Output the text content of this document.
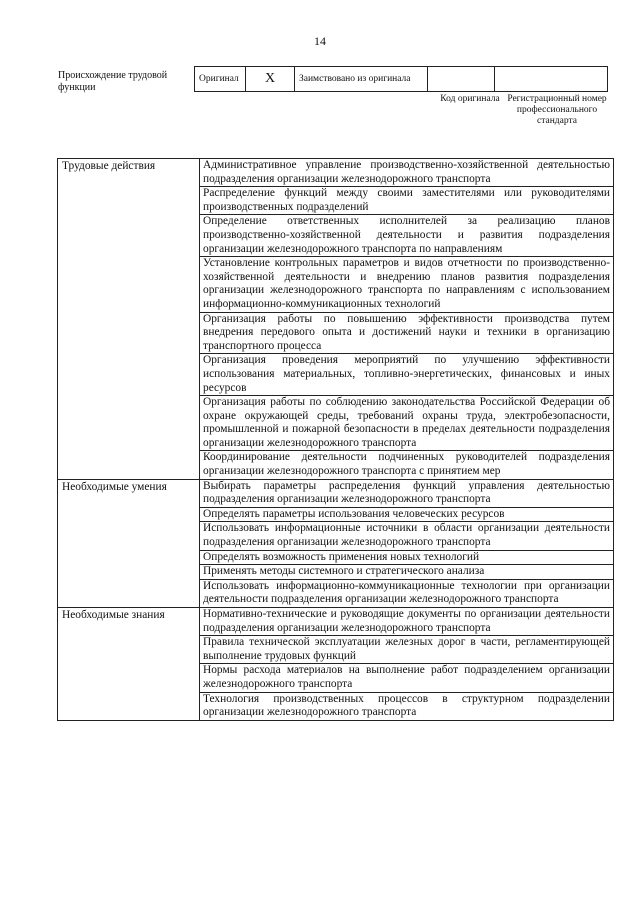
14
Происхождение трудовой функции
Оригинал	X	Заимствовано из оригинала		
Код оригинала Регистрационный номер профессионального стандарта
Трудовые действия	Административное управление производственно-хозяйственной деятельностью подразделения организации железнодорожного транспорта
	Распределение функций между своими заместителями или руководителями производственных подразделений
	Определение ответственных исполнителей за реализацию планов производственно-хозяйственной деятельности и развития подразделения организации железнодорожного транспорта по направлениям
	Установление контрольных параметров и видов отчетности по производственно-хозяйственной деятельности и внедрению планов развития подразделения организации железнодорожного транспорта по направлениям с использованием информационно-коммуникационных технологий
	Организация работы по повышению эффективности производства путем внедрения передового опыта и достижений науки и техники в организацию транспортного процесса
	Организация проведения мероприятий по улучшению эффективности использования материальных, топливно-энергетических, финансовых и иных ресурсов
	Организация работы по соблюдению законодательства Российской Федерации об охране окружающей среды, требований охраны труда, электробезопасности, промышленной и пожарной безопасности в пределах деятельности подразделения организации железнодорожного транспорта
	Координирование деятельности подчиненных руководителей подразделения организации железнодорожного транспорта с принятием мер
Необходимые умения	Выбирать параметры распределения функций управления деятельностью подразделения организации железнодорожного транспорта
	Определять параметры использования человеческих ресурсов
	Использовать информационные источники в области организации деятельности подразделения организации железнодорожного транспорта
	Определять возможность применения новых технологий
	Применять методы системного и стратегического анализа
	Использовать информационно-коммуникационные технологии при организации деятельности подразделения организации железнодорожного транспорта
Необходимые знания	Нормативно-технические и руководящие документы по организации деятельности подразделения организации железнодорожного транспорта
	Правила технической эксплуатации железных дорог в части, регламентирующей выполнение трудовых функций
	Нормы расхода материалов на выполнение работ подразделением организации железнодорожного транспорта
	Технология производственных процессов в структурном подразделении организации железнодорожного транспорта
